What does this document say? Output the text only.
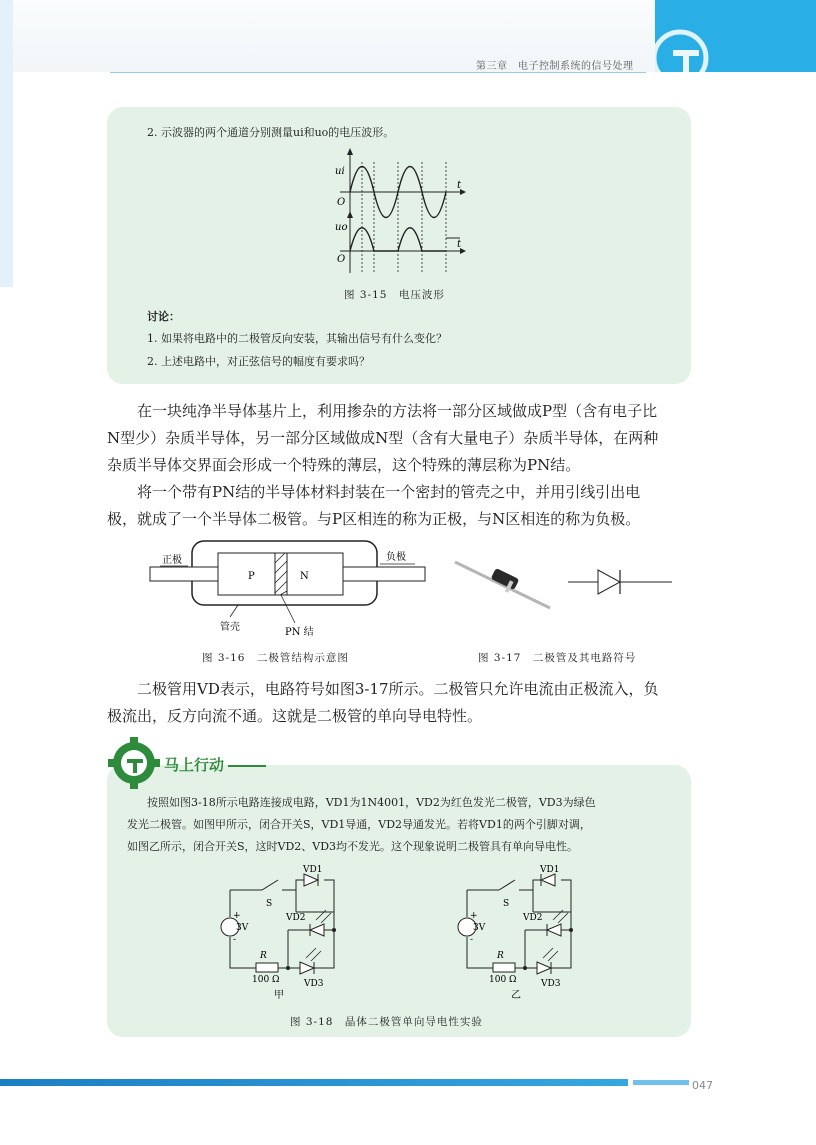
第三章　电子控制系统的信号处理
2. 示波器的两个通道分别测量ui和uo的电压波形。
ui
O
t
uo
O
t
图 3-15　电压波形
讨论：
1. 如果将电路中的二极管反向安装，其输出信号有什么变化？
2. 上述电路中，对正弦信号的幅度有要求吗？
在一块纯净半导体基片上，利用掺杂的方法将一部分区域做成P型（含有电子比
N型少）杂质半导体，另一部分区域做成N型（含有大量电子）杂质半导体，在两种
杂质半导体交界面会形成一个特殊的薄层，这个特殊的薄层称为PN结。
将一个带有PN结的半导体材料封装在一个密封的管壳之中，并用引线引出电
极，就成了一个半导体二极管。与P区相连的称为正极，与N区相连的称为负极。
P	N
正极	负极
管壳	PN 结
图 3-16　二极管结构示意图	图 3-17　二极管及其电路符号
二极管用VD表示，电路符号如图3-17所示。二极管只允许电流由正极流入，负
极流出，反方向流不通。这就是二极管的单向导电特性。
马上行动
按照如图3-18所示电路连接成电路，VD1为1N4001，VD2为红色发光二极管，VD3为绿色
发光二极管。如图甲所示，闭合开关S，VD1导通，VD2导通发光。若将VD1的两个引脚对调，
如图乙所示，闭合开关S，这时VD2、VD3均不发光。这个现象说明二极管具有单向导电性。
VD1
S
VD2
+
-
3V
R
100 Ω	VD3
甲
VD1
S
VD2
+
-
3V
R
100 Ω	VD3
乙
图 3-18　晶体二极管单向导电性实验
047
